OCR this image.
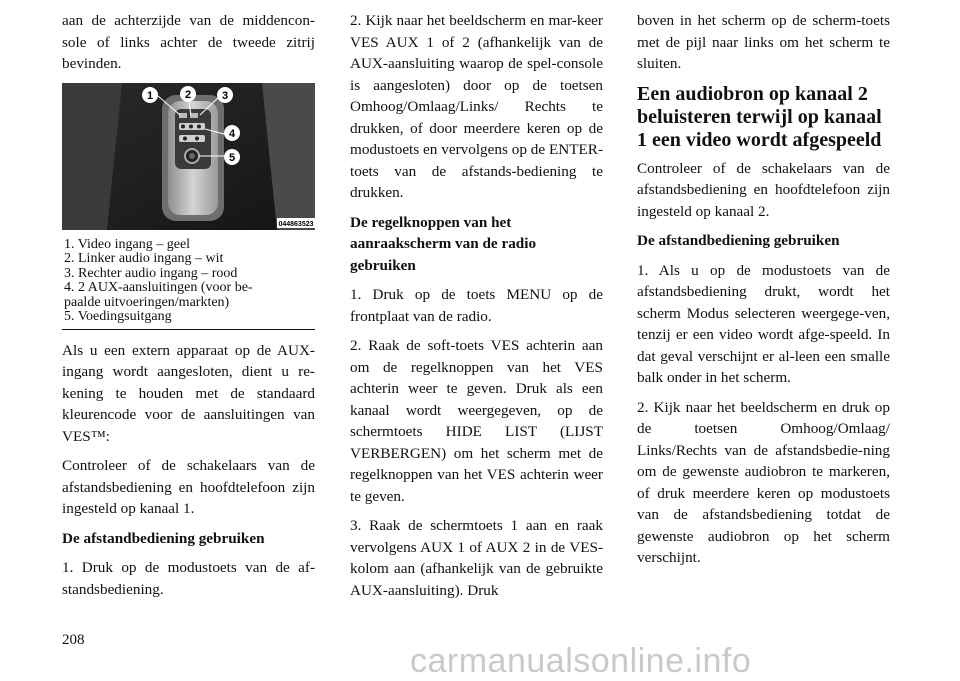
aan de achterzijde van de middencon-sole of links achter de tweede zitrij bevinden.

1	2	3
4
5
044863523
1. Video ingang – geel
2. Linker audio ingang – wit
3. Rechter audio ingang – rood
4. 2 AUX-aansluitingen (voor be-
paalde uitvoeringen/markten)
5. Voedingsuitgang

Als u een extern apparaat op de AUX-ingang wordt aangesloten, dient u re-kening te houden met de standaard kleurencode voor de aansluitingen van VES™:

Controleer of de schakelaars van de afstandsbediening en hoofdtelefoon zijn ingesteld op kanaal 1.

De afstandbediening gebruiken

1. Druk op de modustoets van de af-standsbediening.

2. Kijk naar het beeldscherm en mar-keer VES AUX 1 of 2 (afhankelijk van de AUX-aansluiting waarop de spel-console is aangesloten) door op de toetsen Omhoog/Omlaag/Links/ Rechts te drukken, of door meerdere keren op de modustoets en vervolgens op de ENTER-toets van de afstands-bediening te drukken.

De regelknoppen van het aanraakscherm van de radio gebruiken

1. Druk op de toets MENU op de frontplaat van de radio.

2. Raak de soft-toets VES achterin aan om de regelknoppen van het VES achterin weer te geven. Druk als een kanaal wordt weergegeven, op de schermtoets HIDE LIST (LIJST VERBERGEN) om het scherm met de regelknoppen van het VES achterin weer te geven.

3. Raak de schermtoets 1 aan en raak vervolgens AUX 1 of AUX 2 in de VES-kolom aan (afhankelijk van de gebruikte AUX-aansluiting). Druk

boven in het scherm op de scherm-toets met de pijl naar links om het scherm te sluiten.

Een audiobron op kanaal 2 beluisteren terwijl op kanaal 1 een video wordt afgespeeld

Controleer of de schakelaars van de afstandsbediening en hoofdtelefoon zijn ingesteld op kanaal 2.

De afstandbediening gebruiken

1. Als u op de modustoets van de afstandsbediening drukt, wordt het scherm Modus selecteren weergege-ven, tenzij er een video wordt afge-speeld. In dat geval verschijnt er al-leen een smalle balk onder in het scherm.

2. Kijk naar het beeldscherm en druk op de toetsen Omhoog/Omlaag/ Links/Rechts van de afstandsbedie-ning om de gewenste audiobron te markeren, of druk meerdere keren op modustoets van de afstandsbediening totdat de gewenste audiobron op het scherm verschijnt.

208
carmanualsonline.info
